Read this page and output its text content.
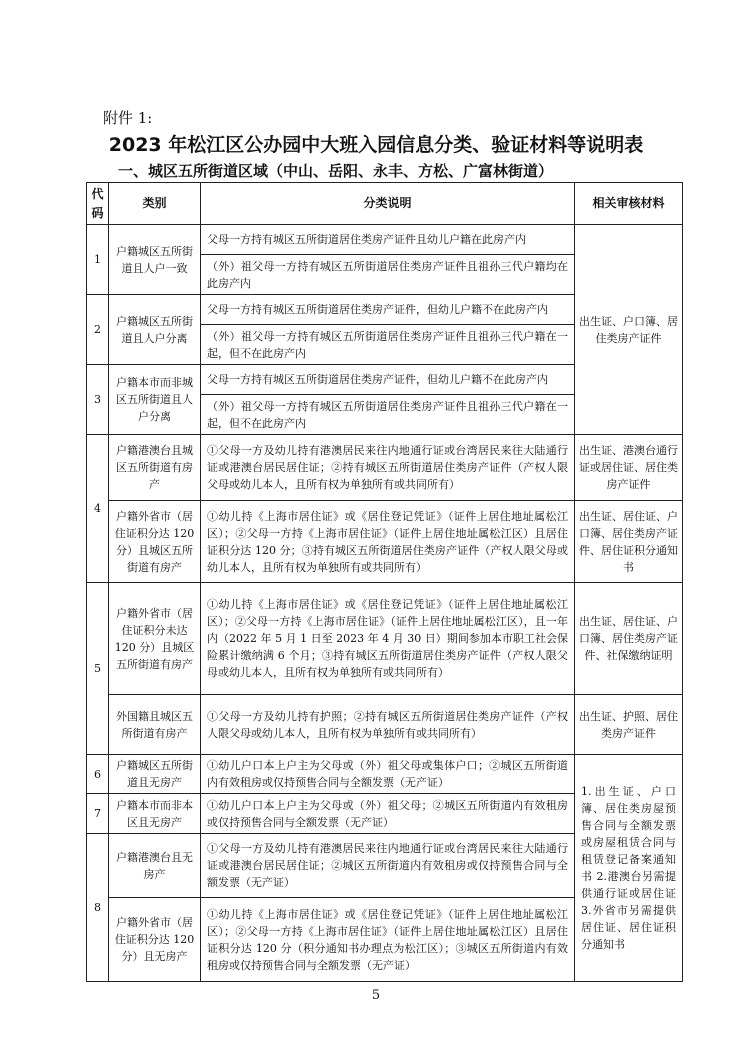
附件 1:
2023 年松江区公办园中大班入园信息分类、验证材料等说明表
一、城区五所街道区域（中山、岳阳、永丰、方松、广富林街道）
代码	类别	分类说明	相关审核材料
1	户籍城区五所街道且人户一致	父母一方持有城区五所街道居住类房产证件且幼儿户籍在此房产内	出生证、户口簿、居住类房产证件
		（外）祖父母一方持有城区五所街道居住类房产证件且祖孙三代户籍均在此房产内	
2	户籍城区五所街道且人户分离	父母一方持有城区五所街道居住类房产证件，但幼儿户籍不在此房产内	
		（外）祖父母一方持有城区五所街道居住类房产证件且祖孙三代户籍在一起，但不在此房产内	
3	户籍本市而非城区五所街道且人户分离	父母一方持有城区五所街道居住类房产证件，但幼儿户籍不在此房产内	
		（外）祖父母一方持有城区五所街道居住类房产证件且祖孙三代户籍在一起，但不在此房产内	
4	户籍港澳台且城区五所街道有房产	①父母一方及幼儿持有港澳居民来往内地通行证或台湾居民来往大陆通行证或港澳台居民居住证；②持有城区五所街道居住类房产证件（产权人限父母或幼儿本人，且所有权为单独所有或共同所有）	出生证、港澳台通行证或居住证、居住类房产证件
	户籍外省市（居住证积分达 120 分）且城区五所街道有房产	①幼儿持《上海市居住证》或《居住登记凭证》（证件上居住地址属松江区）；②父母一方持《上海市居住证》（证件上居住地址属松江区）且居住证积分达 120 分；③持有城区五所街道居住类房产证件（产权人限父母或幼儿本人，且所有权为单独所有或共同所有）	出生证、居住证、户口簿、居住类房产证件、居住证积分通知书
5	户籍外省市（居住证积分未达 120 分）且城区五所街道有房产	①幼儿持《上海市居住证》或《居住登记凭证》（证件上居住地址属松江区）；②父母一方持《上海市居住证》（证件上居住地址属松江区），且一年内（2022 年 5 月 1 日至 2023 年 4 月 30 日）期间参加本市职工社会保险累计缴纳满 6 个月；③持有城区五所街道居住类房产证件（产权人限父母或幼儿本人，且所有权为单独所有或共同所有）	出生证、居住证、户口簿、居住类房产证件、社保缴纳证明
	外国籍且城区五所街道有房产	①父母一方及幼儿持有护照；②持有城区五所街道居住类房产证件（产权人限父母或幼儿本人，且所有权为单独所有或共同所有）	出生证、护照、居住类房产证件
6	户籍城区五所街道且无房产	①幼儿户口本上户主为父母或（外）祖父母或集体户口；②城区五所街道内有效租房或仅持预售合同与全额发票（无产证）	1.出生证、户口簿、居住类房屋预售合同与全额发票或房屋租赁合同与租赁登记备案通知书 2.港澳台另需提供通行证或居住证 3.外省市另需提供居住证、居住证积分通知书
7	户籍本市而非本区且无房产	①幼儿户口本上户主为父母或（外）祖父母；②城区五所街道内有效租房或仅持预售合同与全额发票（无产证）	
8	户籍港澳台且无房产	①父母一方及幼儿持有港澳居民来往内地通行证或台湾居民来往大陆通行证或港澳台居民居住证；②城区五所街道内有效租房或仅持预售合同与全额发票（无产证）	
	户籍外省市（居住证积分达 120 分）且无房产	①幼儿持《上海市居住证》或《居住登记凭证》（证件上居住地址属松江区）；②父母一方持《上海市居住证》（证件上居住地址属松江区）且居住证积分达 120 分（积分通知书办理点为松江区）；③城区五所街道内有效租房或仅持预售合同与全额发票（无产证）	
5
